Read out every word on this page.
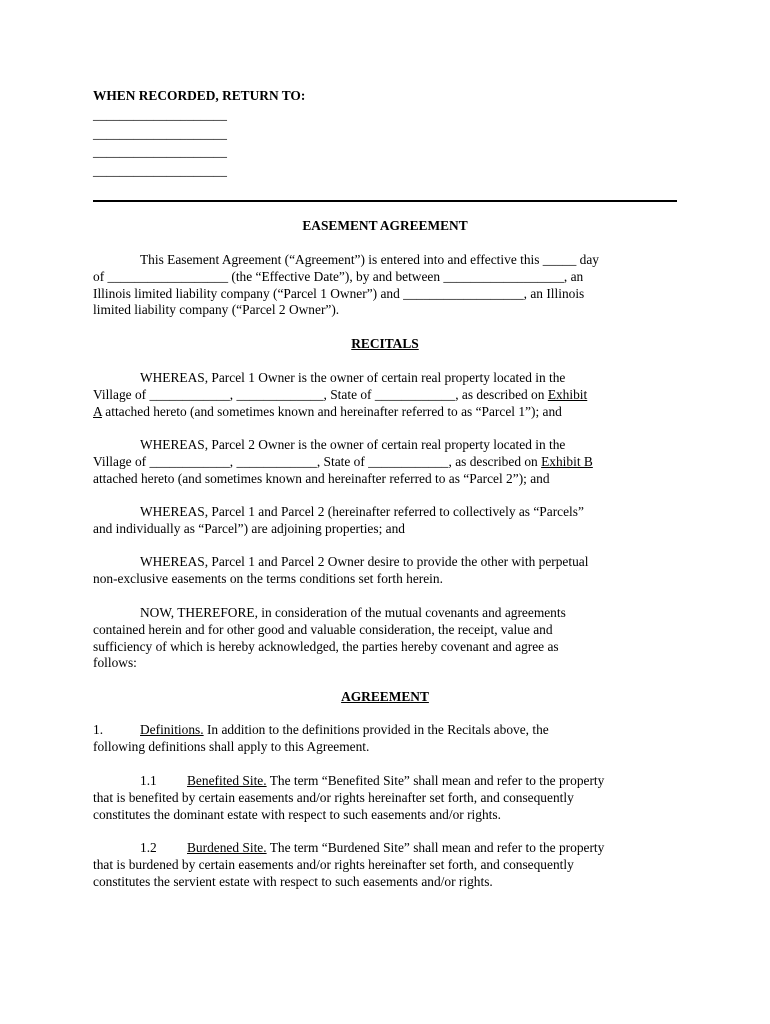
WHEN RECORDED, RETURN TO:
____________________
____________________
____________________
____________________
EASEMENT AGREEMENT
This Easement Agreement (“Agreement”) is entered into and effective this _____ day
of __________________ (the “Effective Date”), by and between __________________, an
Illinois limited liability company (“Parcel 1 Owner”) and __________________, an Illinois
limited liability company (“Parcel 2 Owner”).
RECITALS
WHEREAS, Parcel 1 Owner is the owner of certain real property located in the
Village of ____________, _____________, State of ____________, as described on Exhibit
A attached hereto (and sometimes known and hereinafter referred to as “Parcel 1”); and
WHEREAS, Parcel 2 Owner is the owner of certain real property located in the
Village of ____________, ____________, State of ____________, as described on Exhibit B
attached hereto (and sometimes known and hereinafter referred to as “Parcel 2”); and
WHEREAS, Parcel 1 and Parcel 2 (hereinafter referred to collectively as “Parcels”
and individually as “Parcel”) are adjoining properties; and
WHEREAS, Parcel 1 and Parcel 2 Owner desire to provide the other with perpetual
non-exclusive easements on the terms conditions set forth herein.
NOW, THEREFORE, in consideration of the mutual covenants and agreements
contained herein and for other good and valuable consideration, the receipt, value and
sufficiency of which is hereby acknowledged, the parties hereby covenant and agree as
follows:
AGREEMENT
1.	Definitions. In addition to the definitions provided in the Recitals above, the
following definitions shall apply to this Agreement.
1.1 Benefited Site. The term “Benefited Site” shall mean and refer to the property
that is benefited by certain easements and/or rights hereinafter set forth, and consequently
constitutes the dominant estate with respect to such easements and/or rights.
1.2 Burdened Site. The term “Burdened Site” shall mean and refer to the property
that is burdened by certain easements and/or rights hereinafter set forth, and consequently
constitutes the servient estate with respect to such easements and/or rights.
